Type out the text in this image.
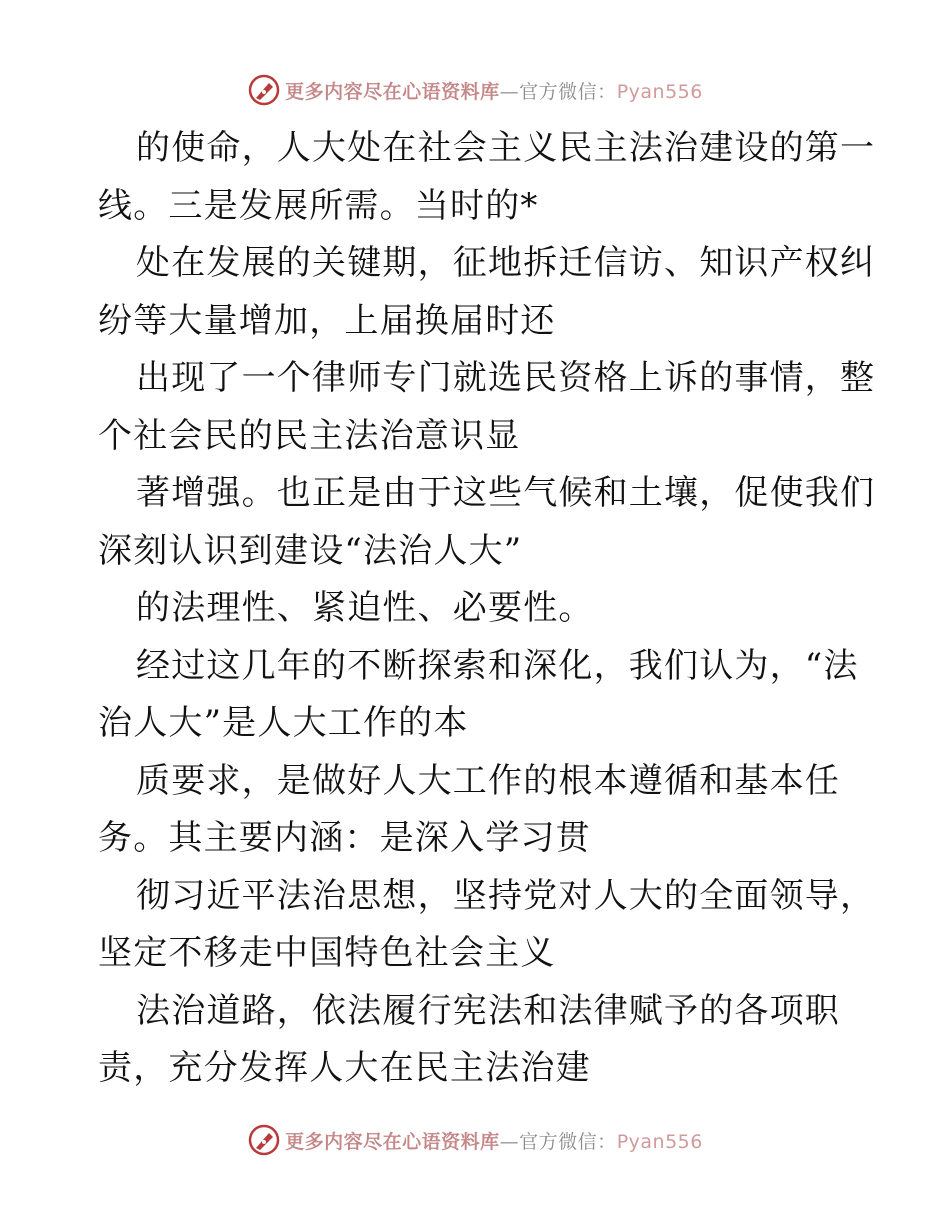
更多内容尽在心语资料库—官方微信：Pyan556
的使命，人大处在社会主义民主法治建设的第一
线。三是发展所需。当时的*
处在发展的关键期，征地拆迁信访、知识产权纠
纷等大量增加，上届换届时还
出现了一个律师专门就选民资格上诉的事情，整
个社会民的民主法治意识显
著增强。也正是由于这些气候和土壤，促使我们
深刻认识到建设“法治人大”
的法理性、紧迫性、必要性。
经过这几年的不断探索和深化，我们认为，“法
治人大”是人大工作的本
质要求，是做好人大工作的根本遵循和基本任
务。其主要内涵：是深入学习贯
彻习近平法治思想，坚持党对人大的全面领导，
坚定不移走中国特色社会主义
法治道路，依法履行宪法和法律赋予的各项职
责，充分发挥人大在民主法治建
更多内容尽在心语资料库—官方微信：Pyan556
